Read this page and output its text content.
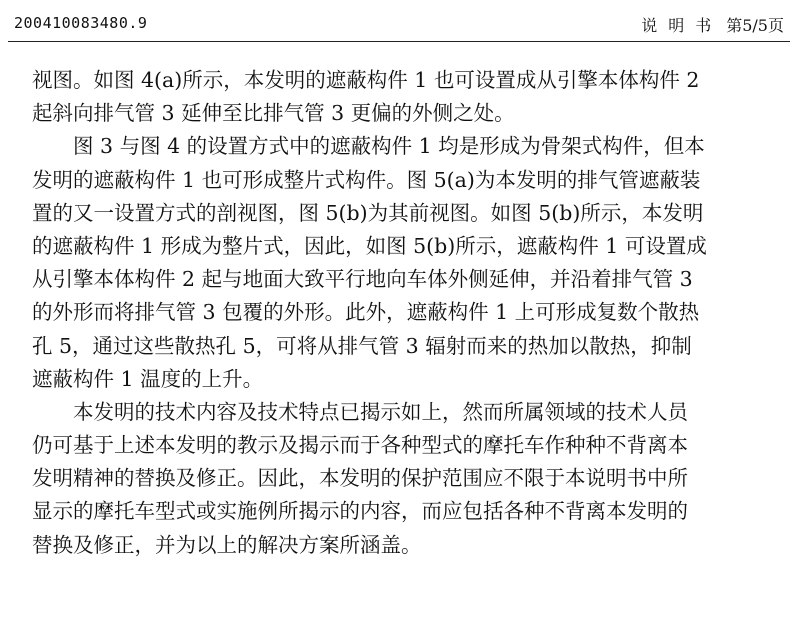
200410083480.9	说明书 第5/5页
视图。如图 4(a)所示，本发明的遮蔽构件 1 也可设置成从引擎本体构件 2
起斜向排气管 3 延伸至比排气管 3 更偏的外侧之处。
图 3 与图 4 的设置方式中的遮蔽构件 1 均是形成为骨架式构件，但本
发明的遮蔽构件 1 也可形成整片式构件。图 5(a)为本发明的排气管遮蔽装
置的又一设置方式的剖视图，图 5(b)为其前视图。如图 5(b)所示，本发明
的遮蔽构件 1 形成为整片式，因此，如图 5(b)所示，遮蔽构件 1 可设置成
从引擎本体构件 2 起与地面大致平行地向车体外侧延伸，并沿着排气管 3
的外形而将排气管 3 包覆的外形。此外，遮蔽构件 1 上可形成复数个散热
孔 5，通过这些散热孔 5，可将从排气管 3 辐射而来的热加以散热，抑制
遮蔽构件 1 温度的上升。
本发明的技术内容及技术特点已揭示如上，然而所属领域的技术人员
仍可基于上述本发明的教示及揭示而于各种型式的摩托车作种种不背离本
发明精神的替换及修正。因此，本发明的保护范围应不限于本说明书中所
显示的摩托车型式或实施例所揭示的内容，而应包括各种不背离本发明的
替换及修正，并为以上的解决方案所涵盖。
